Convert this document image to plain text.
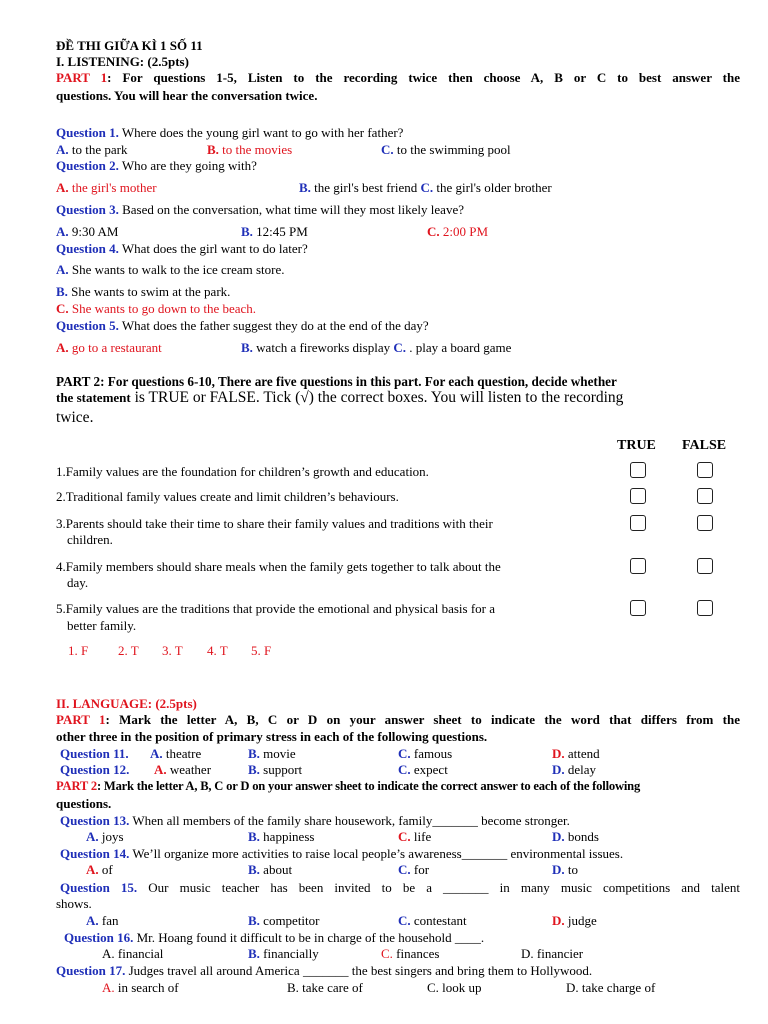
ĐỀ THI GIỮA KÌ 1 SỐ 11
I. LISTENING: (2.5pts)
PART 1: For questions 1-5, Listen to the recording twice then choose A, B or C to best answer the
questions. You will hear the conversation twice.
Question 1. Where does the young girl want to go with her father?
A. to the park	B. to the movies	C. to the swimming pool
Question 2. Who are they going with?
A. the girl's mother	B. the girl's best friend C. the girl's older brother
Question 3. Based on the conversation, what time will they most likely leave?
A. 9:30 AM	B. 12:45 PM	C. 2:00 PM
Question 4. What does the girl want to do later?
A. She wants to walk to the ice cream store.
B. She wants to swim at the park.
C. She wants to go down to the beach.
Question 5. What does the father suggest they do at the end of the day?
A. go to a restaurant	B. watch a fireworks display C. . play a board game
PART 2: For questions 6-10, There are five questions in this part. For each question, decide whether
the statement is TRUE or FALSE. Tick (√) the correct boxes. You will listen to the recording
twice.
TRUE FALSE
1.Family values are the foundation for children’s growth and education.
2.Traditional family values create and limit children’s behaviours.
3.Parents should take their time to share their family values and traditions with their
children.
4.Family members should share meals when the family gets together to talk about the
day.
5.Family values are the traditions that provide the emotional and physical basis for a
better family.
1. F 2. T 3. T 4. T 5. F
II. LANGUAGE: (2.5pts)
PART 1: Mark the letter A, B, C or D on your answer sheet to indicate the word that differs from the
other three in the position of primary stress in each of the following questions.
Question 11. A. theatre	B. movie	C. famous	D. attend
Question 12. A. weather	B. support	C. expect	D. delay
PART 2: Mark the letter A, B, C or D on your answer sheet to indicate the correct answer to each of the following
questions.
Question 13. When all members of the family share housework, family_______ become stronger.
A. joys	B. happiness	C. life	D. bonds
Question 14. We’ll organize more activities to raise local people’s awareness_______ environmental issues.
A. of	B. about	C. for	D. to
Question 15. Our music teacher has been invited to be a _______ in many music competitions and talent
shows.
A. fan	B. competitor	C. contestant	D. judge
Question 16. Mr. Hoang found it difficult to be in charge of the household ____.
A. financial	B. financially	C. finances	D. financier
Question 17. Judges travel all around America _______ the best singers and bring them to Hollywood.
A. in search of	B. take care of	C. look up	D. take charge of
